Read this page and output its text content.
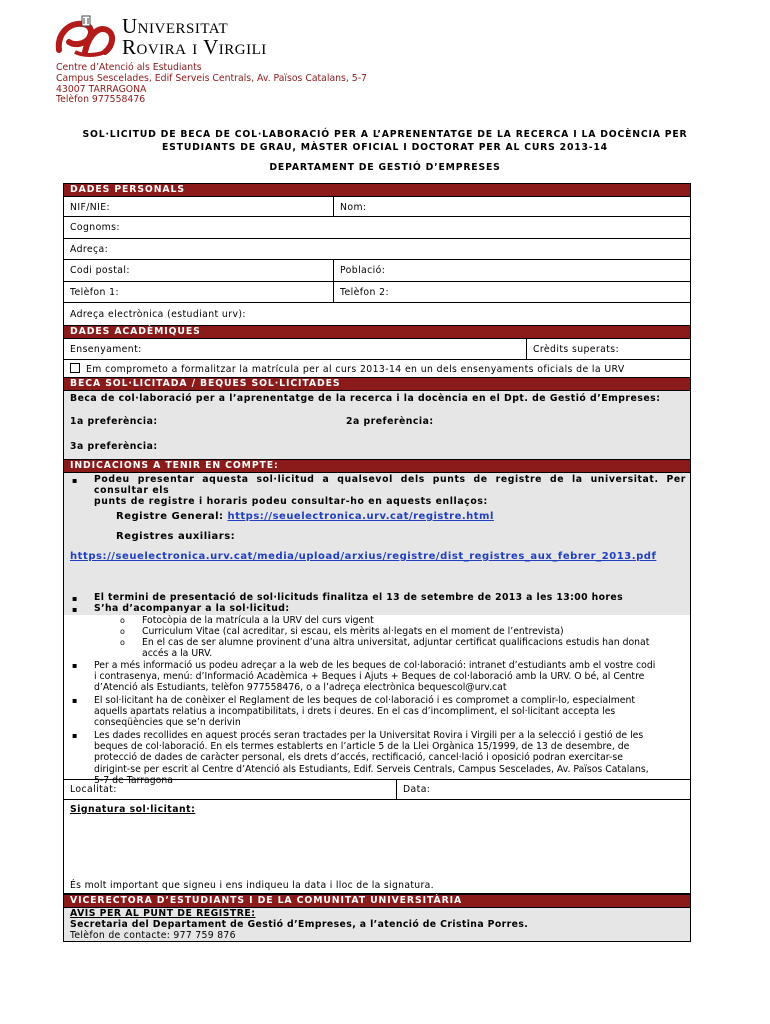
Universitat
Rovira i Virgili
Centre d’Atenció als Estudiants
Campus Sescelades, Edif Serveis Centrals, Av. Països Catalans, 5-7
43007 TARRAGONA
Telèfon 977558476
SOL·LICITUD DE BECA DE COL·LABORACIÓ PER A L’APRENENTATGE DE LA RECERCA I LA DOCÈNCIA PER
ESTUDIANTS DE GRAU, MÀSTER OFICIAL I DOCTORAT PER AL CURS 2013-14
DEPARTAMENT DE GESTIÓ D’EMPRESES
DADES PERSONALS
NIF/NIE:	Nom:
Cognoms:
Adreça:
Codi postal:	Població:
Telèfon 1:	Telèfon 2:
Adreça electrònica (estudiant urv):
DADES ACADÈMIQUES
Ensenyament:	Crèdits superats:
Em comprometo a formalitzar la matrícula per al curs 2013-14 en un dels ensenyaments oficials de la URV
BECA SOL·LICITADA / BEQUES SOL·LICITADES
Beca de col·laboració per a l’aprenentatge de la recerca i la docència en el Dpt. de Gestió d’Empreses:
1a preferència:	2a preferència:
3a preferència:
INDICACIONS A TENIR EN COMPTE:
▪ Podeu presentar aquesta sol·licitud a qualsevol dels punts de registre de la universitat. Per consultar els
punts de registre i horaris podeu consultar-ho en aquests enllaços:
Registre General: https://seuelectronica.urv.cat/registre.html
Registres auxiliars:
https://seuelectronica.urv.cat/media/upload/arxius/registre/dist_registres_aux_febrer_2013.pdf
▪ El termini de presentació de sol·licituds finalitza el 13 de setembre de 2013 a les 13:00 hores
▪ S’ha d’acompanyar a la sol·licitud:
o Fotocòpia de la matrícula a la URV del curs vigent
o Curriculum Vitae (cal acreditar, si escau, els mèrits al·legats en el moment de l’entrevista)
o En el cas de ser alumne provinent d’una altra universitat, adjuntar certificat qualificacions estudis han donat
accés a la URV.
▪ Per a més informació us podeu adreçar a la web de les beques de col·laboració: intranet d’estudiants amb el vostre codi
i contrasenya, menú: d’Informació Acadèmica + Beques i Ajuts + Beques de col·laboració amb la URV. O bé, al Centre
d’Atenció als Estudiants, telèfon 977558476, o a l’adreça electrònica bequescol@urv.cat
▪ El sol·licitant ha de conèixer el Reglament de les beques de col·laboració i es compromet a complir-lo, especialment
aquells apartats relatius a incompatibilitats, i drets i deures. En el cas d’incompliment, el sol·licitant accepta les
conseqüències que se’n derivin
▪ Les dades recollides en aquest procés seran tractades per la Universitat Rovira i Virgili per a la selecció i gestió de les
beques de col·laboració. En els termes establerts en l’article 5 de la Llei Orgànica 15/1999, de 13 de desembre, de
protecció de dades de caràcter personal, els drets d’accés, rectificació, cancel·lació i oposició podran exercitar-se
dirigint-se per escrit al Centre d’Atenció als Estudiants, Edif. Serveis Centrals, Campus Sescelades, Av. Països Catalans,
5-7 de Tarragona
Localitat:	Data:
Signatura sol·licitant:
És molt important que signeu i ens indiqueu la data i lloc de la signatura.
VICERECTORA D’ESTUDIANTS I DE LA COMUNITAT UNIVERSITÀRIA
AVÍS PER AL PUNT DE REGISTRE:
Secretaria del Departament de Gestió d’Empreses, a l’atenció de Cristina Porres.
Telèfon de contacte: 977 759 876
